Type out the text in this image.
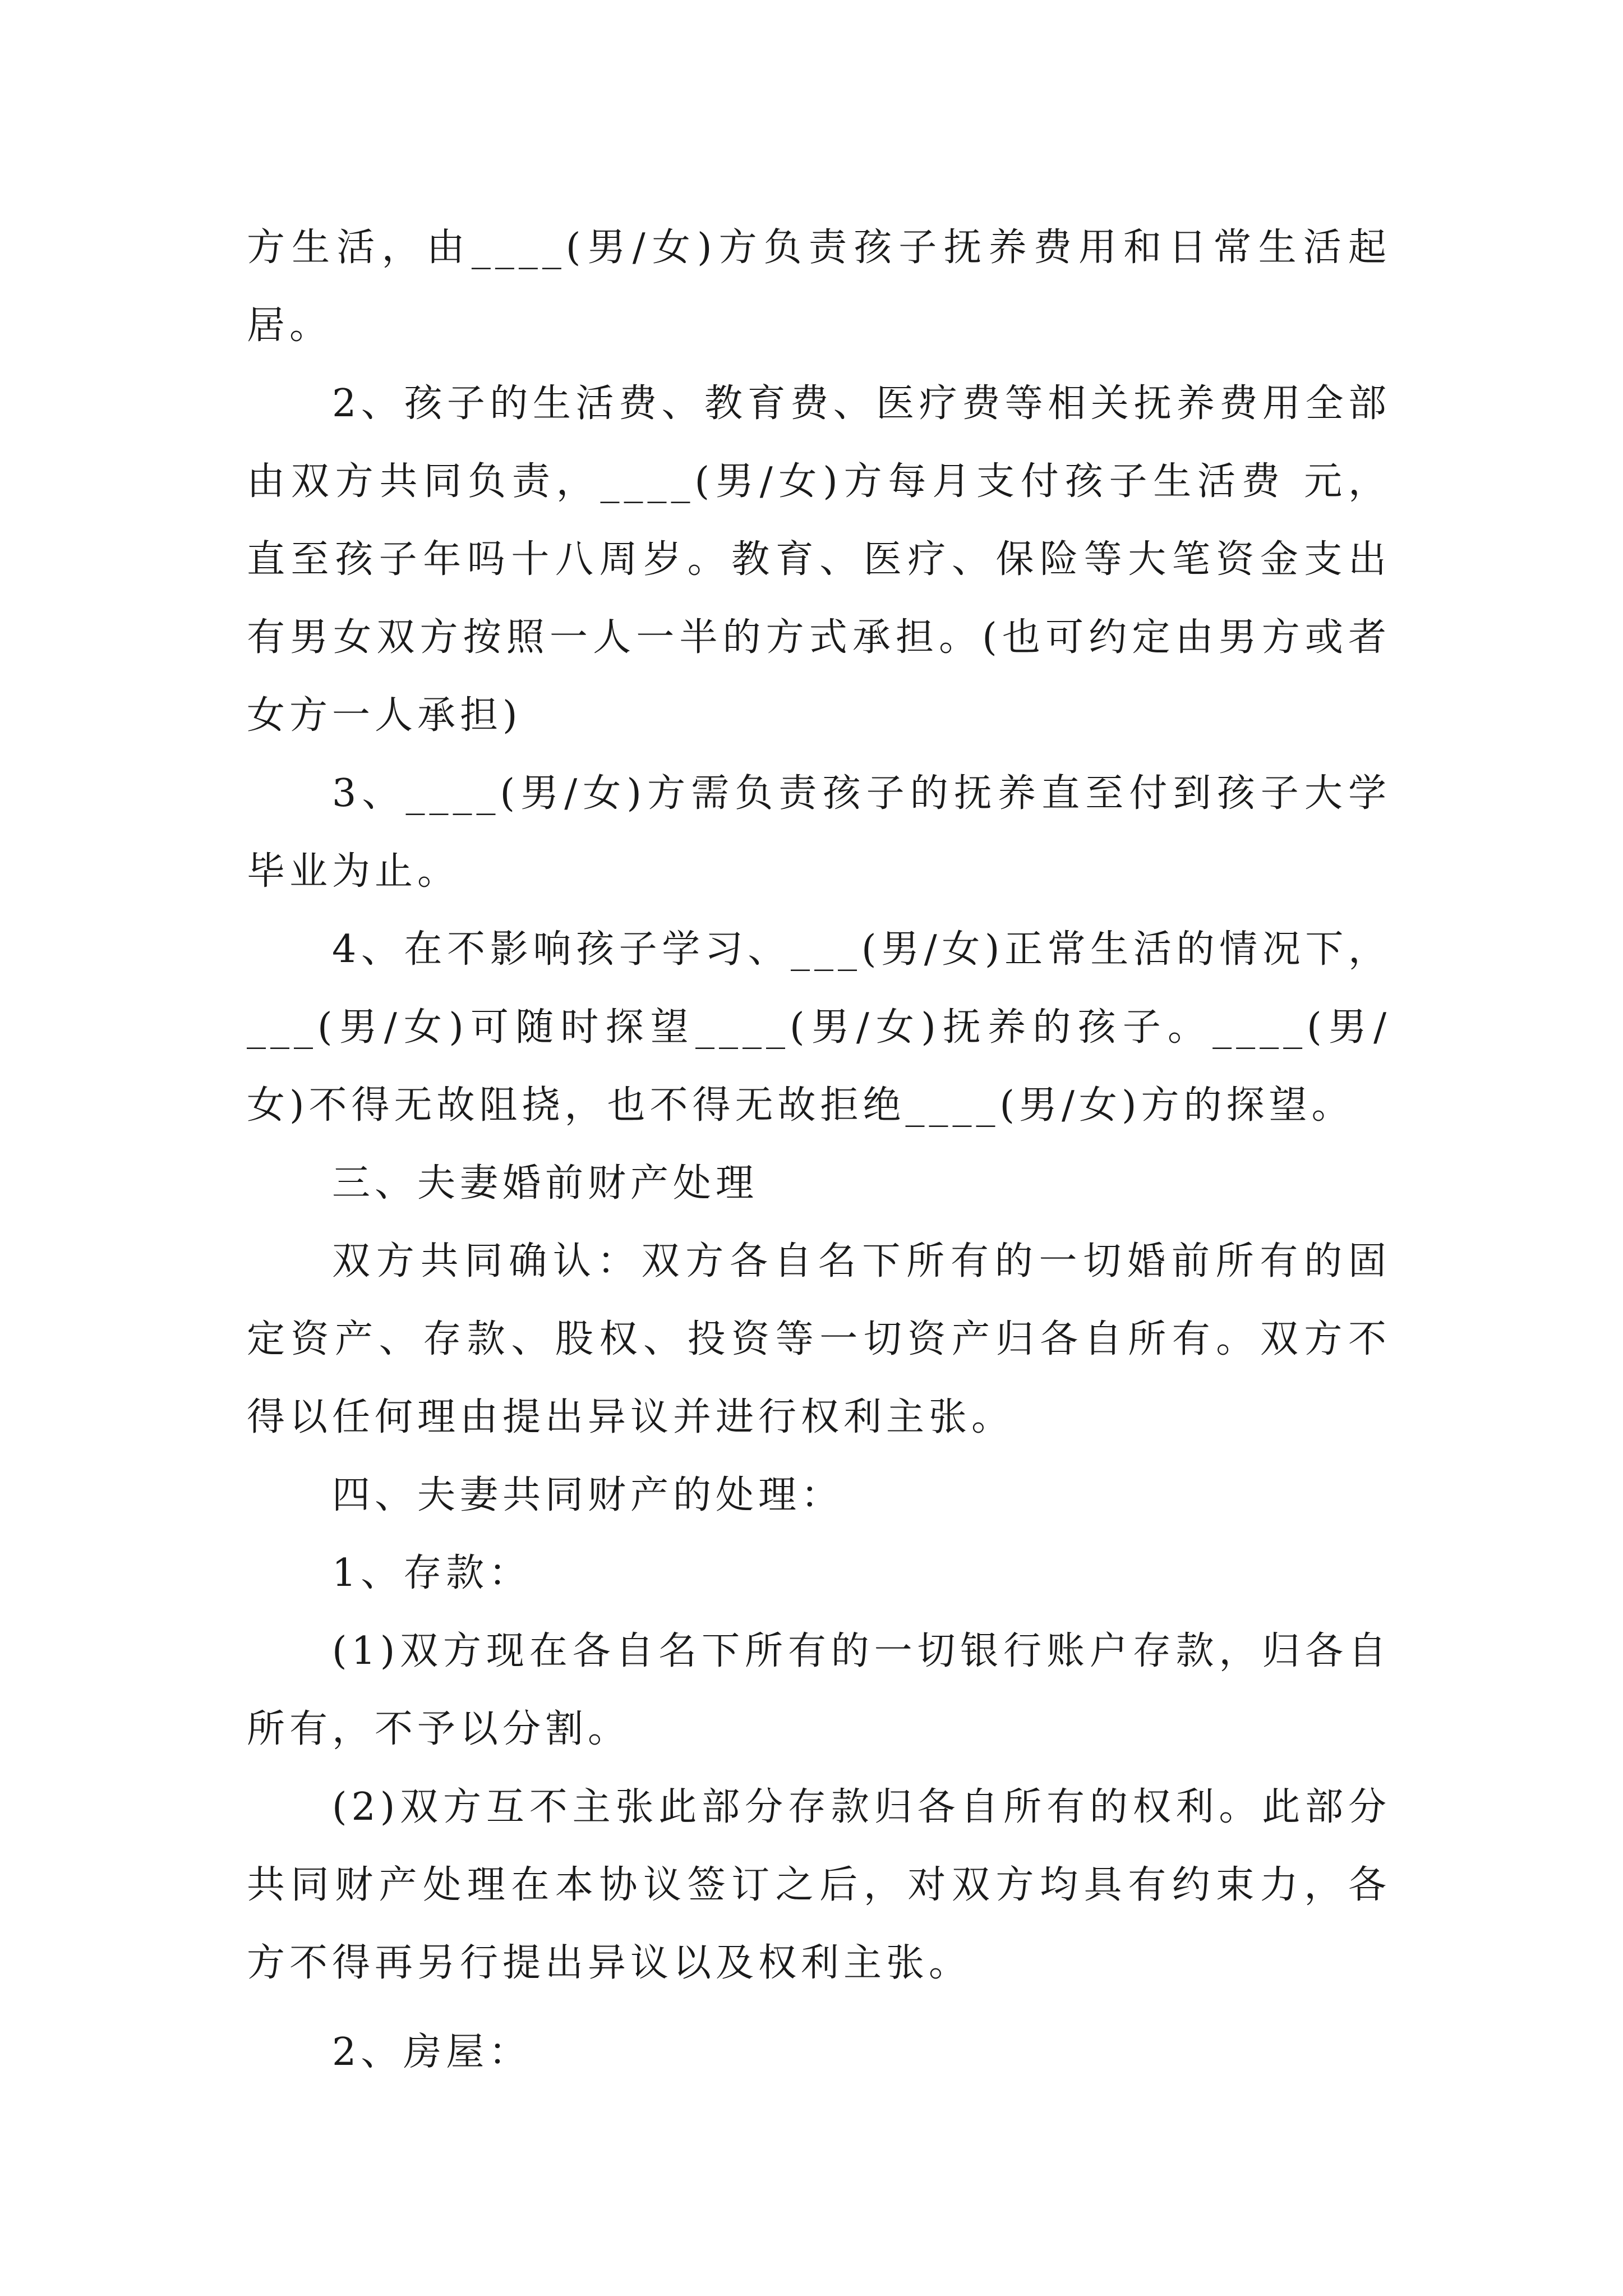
方生活，由____(男/女)方负责孩子抚养费用和日常生活起居。

2、孩子的生活费、教育费、医疗费等相关抚养费用全部由双方共同负责，____(男/女)方每月支付孩子生活费 元，直至孩子年吗十八周岁。教育、医疗、保险等大笔资金支出有男女双方按照一人一半的方式承担。(也可约定由男方或者女方一人承担)

3、____(男/女)方需负责孩子的抚养直至付到孩子大学毕业为止。

4、在不影响孩子学习、___(男/女)正常生活的情况下，___(男/女)可随时探望____(男/女)抚养的孩子。____(男/女)不得无故阻挠，也不得无故拒绝____(男/女)方的探望。

三、夫妻婚前财产处理

双方共同确认：双方各自名下所有的一切婚前所有的固定资产、存款、股权、投资等一切资产归各自所有。双方不得以任何理由提出异议并进行权利主张。

四、夫妻共同财产的处理：

1、存款：

(1)双方现在各自名下所有的一切银行账户存款，归各自所有，不予以分割。

(2)双方互不主张此部分存款归各自所有的权利。此部分共同财产处理在本协议签订之后，对双方均具有约束力，各方不得再另行提出异议以及权利主张。

2、房屋：
